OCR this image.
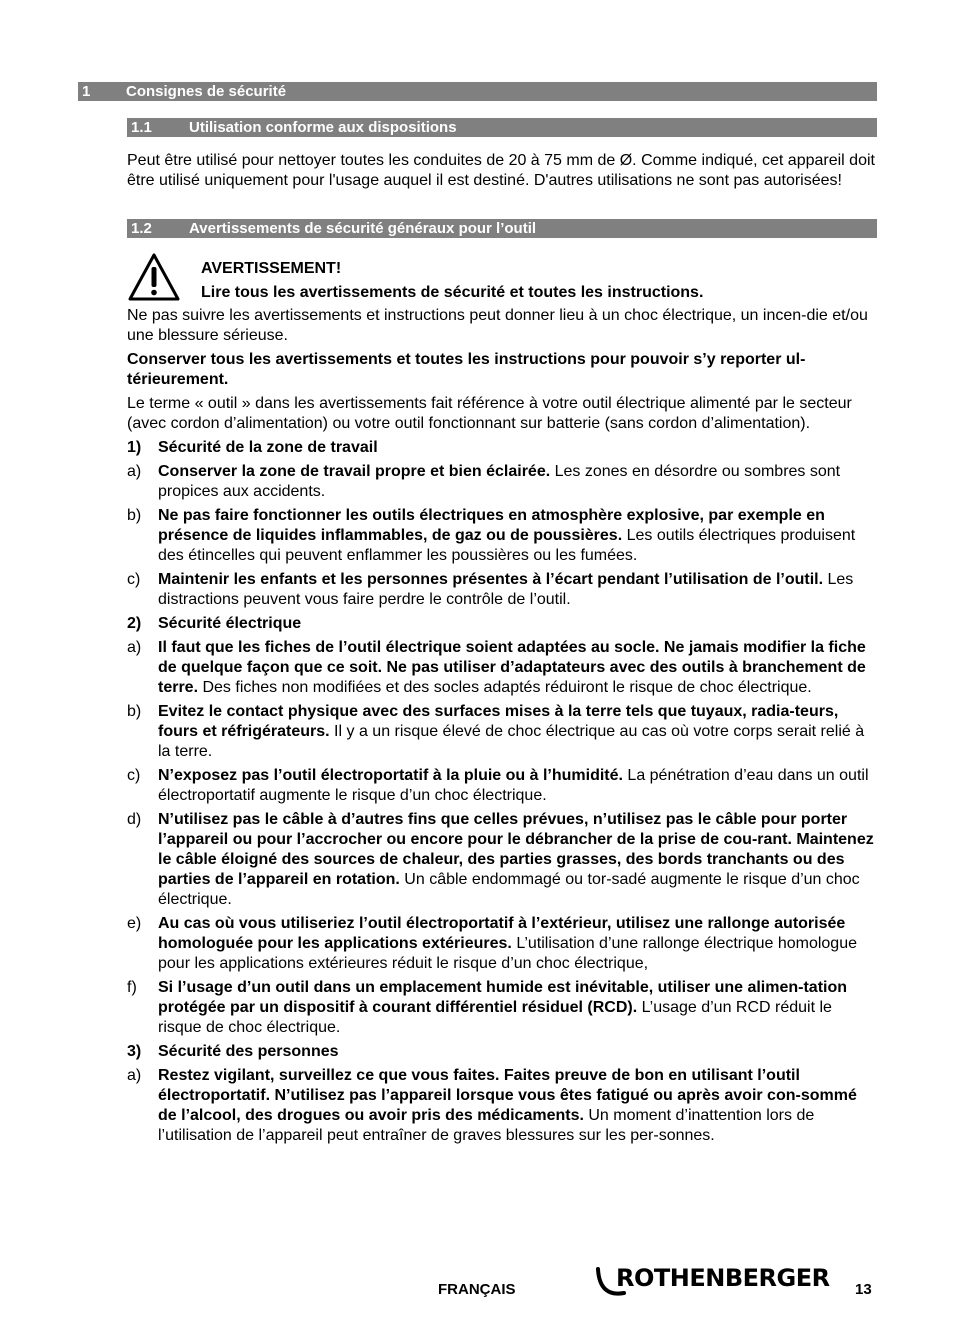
1 Consignes de sécurité
1.1 Utilisation conforme aux dispositions

Peut être utilisé pour nettoyer toutes les conduites de 20 à 75 mm de Ø. Comme indiqué, cet appareil doit être utilisé uniquement pour l'usage auquel il est destiné. D'autres utilisations ne sont pas autorisées!

1.2 Avertissements de sécurité généraux pour l’outil
AVERTISSEMENT!
Lire tous les avertissements de sécurité et toutes les instructions.

Ne pas suivre les avertissements et instructions peut donner lieu à un choc électrique, un incen-die et/ou une blessure sérieuse.

Conserver tous les avertissements et toutes les instructions pour pouvoir s’y reporter ul-térieurement.

Le terme « outil » dans les avertissements fait référence à votre outil électrique alimenté par le secteur (avec cordon d’alimentation) ou votre outil fonctionnant sur batterie (sans cordon d’alimentation).

1)	Sécurité de la zone de travail
a)	Conserver la zone de travail propre et bien éclairée. Les zones en désordre ou sombres sont propices aux accidents.
b)	Ne pas faire fonctionner les outils électriques en atmosphère explosive, par exemple en présence de liquides inflammables, de gaz ou de poussières. Les outils électriques produisent des étincelles qui peuvent enflammer les poussières ou les fumées.
c)	Maintenir les enfants et les personnes présentes à l’écart pendant l’utilisation de l’outil. Les distractions peuvent vous faire perdre le contrôle de l’outil.
2)	Sécurité électrique
a)	Il faut que les fiches de l’outil électrique soient adaptées au socle. Ne jamais modifier la fiche de quelque façon que ce soit. Ne pas utiliser d’adaptateurs avec des outils à branchement de terre. Des fiches non modifiées et des socles adaptés réduiront le risque de choc électrique.
b)	Evitez le contact physique avec des surfaces mises à la terre tels que tuyaux, radia-teurs, fours et réfrigérateurs. Il y a un risque élevé de choc électrique au cas où votre corps serait relié à la terre.
c)	N’exposez pas l’outil électroportatif à la pluie ou à l’humidité. La pénétration d’eau dans un outil électroportatif augmente le risque d’un choc électrique.
d)	N’utilisez pas le câble à d’autres fins que celles prévues, n’utilisez pas le câble pour porter l’appareil ou pour l’accrocher ou encore pour le débrancher de la prise de cou-rant. Maintenez le câble éloigné des sources de chaleur, des parties grasses, des bords tranchants ou des parties de l’appareil en rotation. Un câble endommagé ou tor-sadé augmente le risque d’un choc électrique.
e)	Au cas où vous utiliseriez l’outil électroportatif à l’extérieur, utilisez une rallonge autorisée homologuée pour les applications extérieures. L’utilisation d’une rallonge électrique homologue pour les applications extérieures réduit le risque d’un choc électrique,
f)	Si l’usage d’un outil dans un emplacement humide est inévitable, utiliser une alimen-tation protégée par un dispositif à courant différentiel résiduel (RCD). L’usage d’un RCD réduit le risque de choc électrique.
3)	Sécurité des personnes
a)	Restez vigilant, surveillez ce que vous faites. Faites preuve de bon en utilisant l’outil électroportatif. N’utilisez pas l’appareil lorsque vous êtes fatigué ou après avoir con-sommé de l’alcool, des drogues ou avoir pris des médicaments. Un moment d’inattention lors de l’utilisation de l’appareil peut entraîner de graves blessures sur les per-sonnes.
FRANÇAIS	ROTHENBERGER 13
